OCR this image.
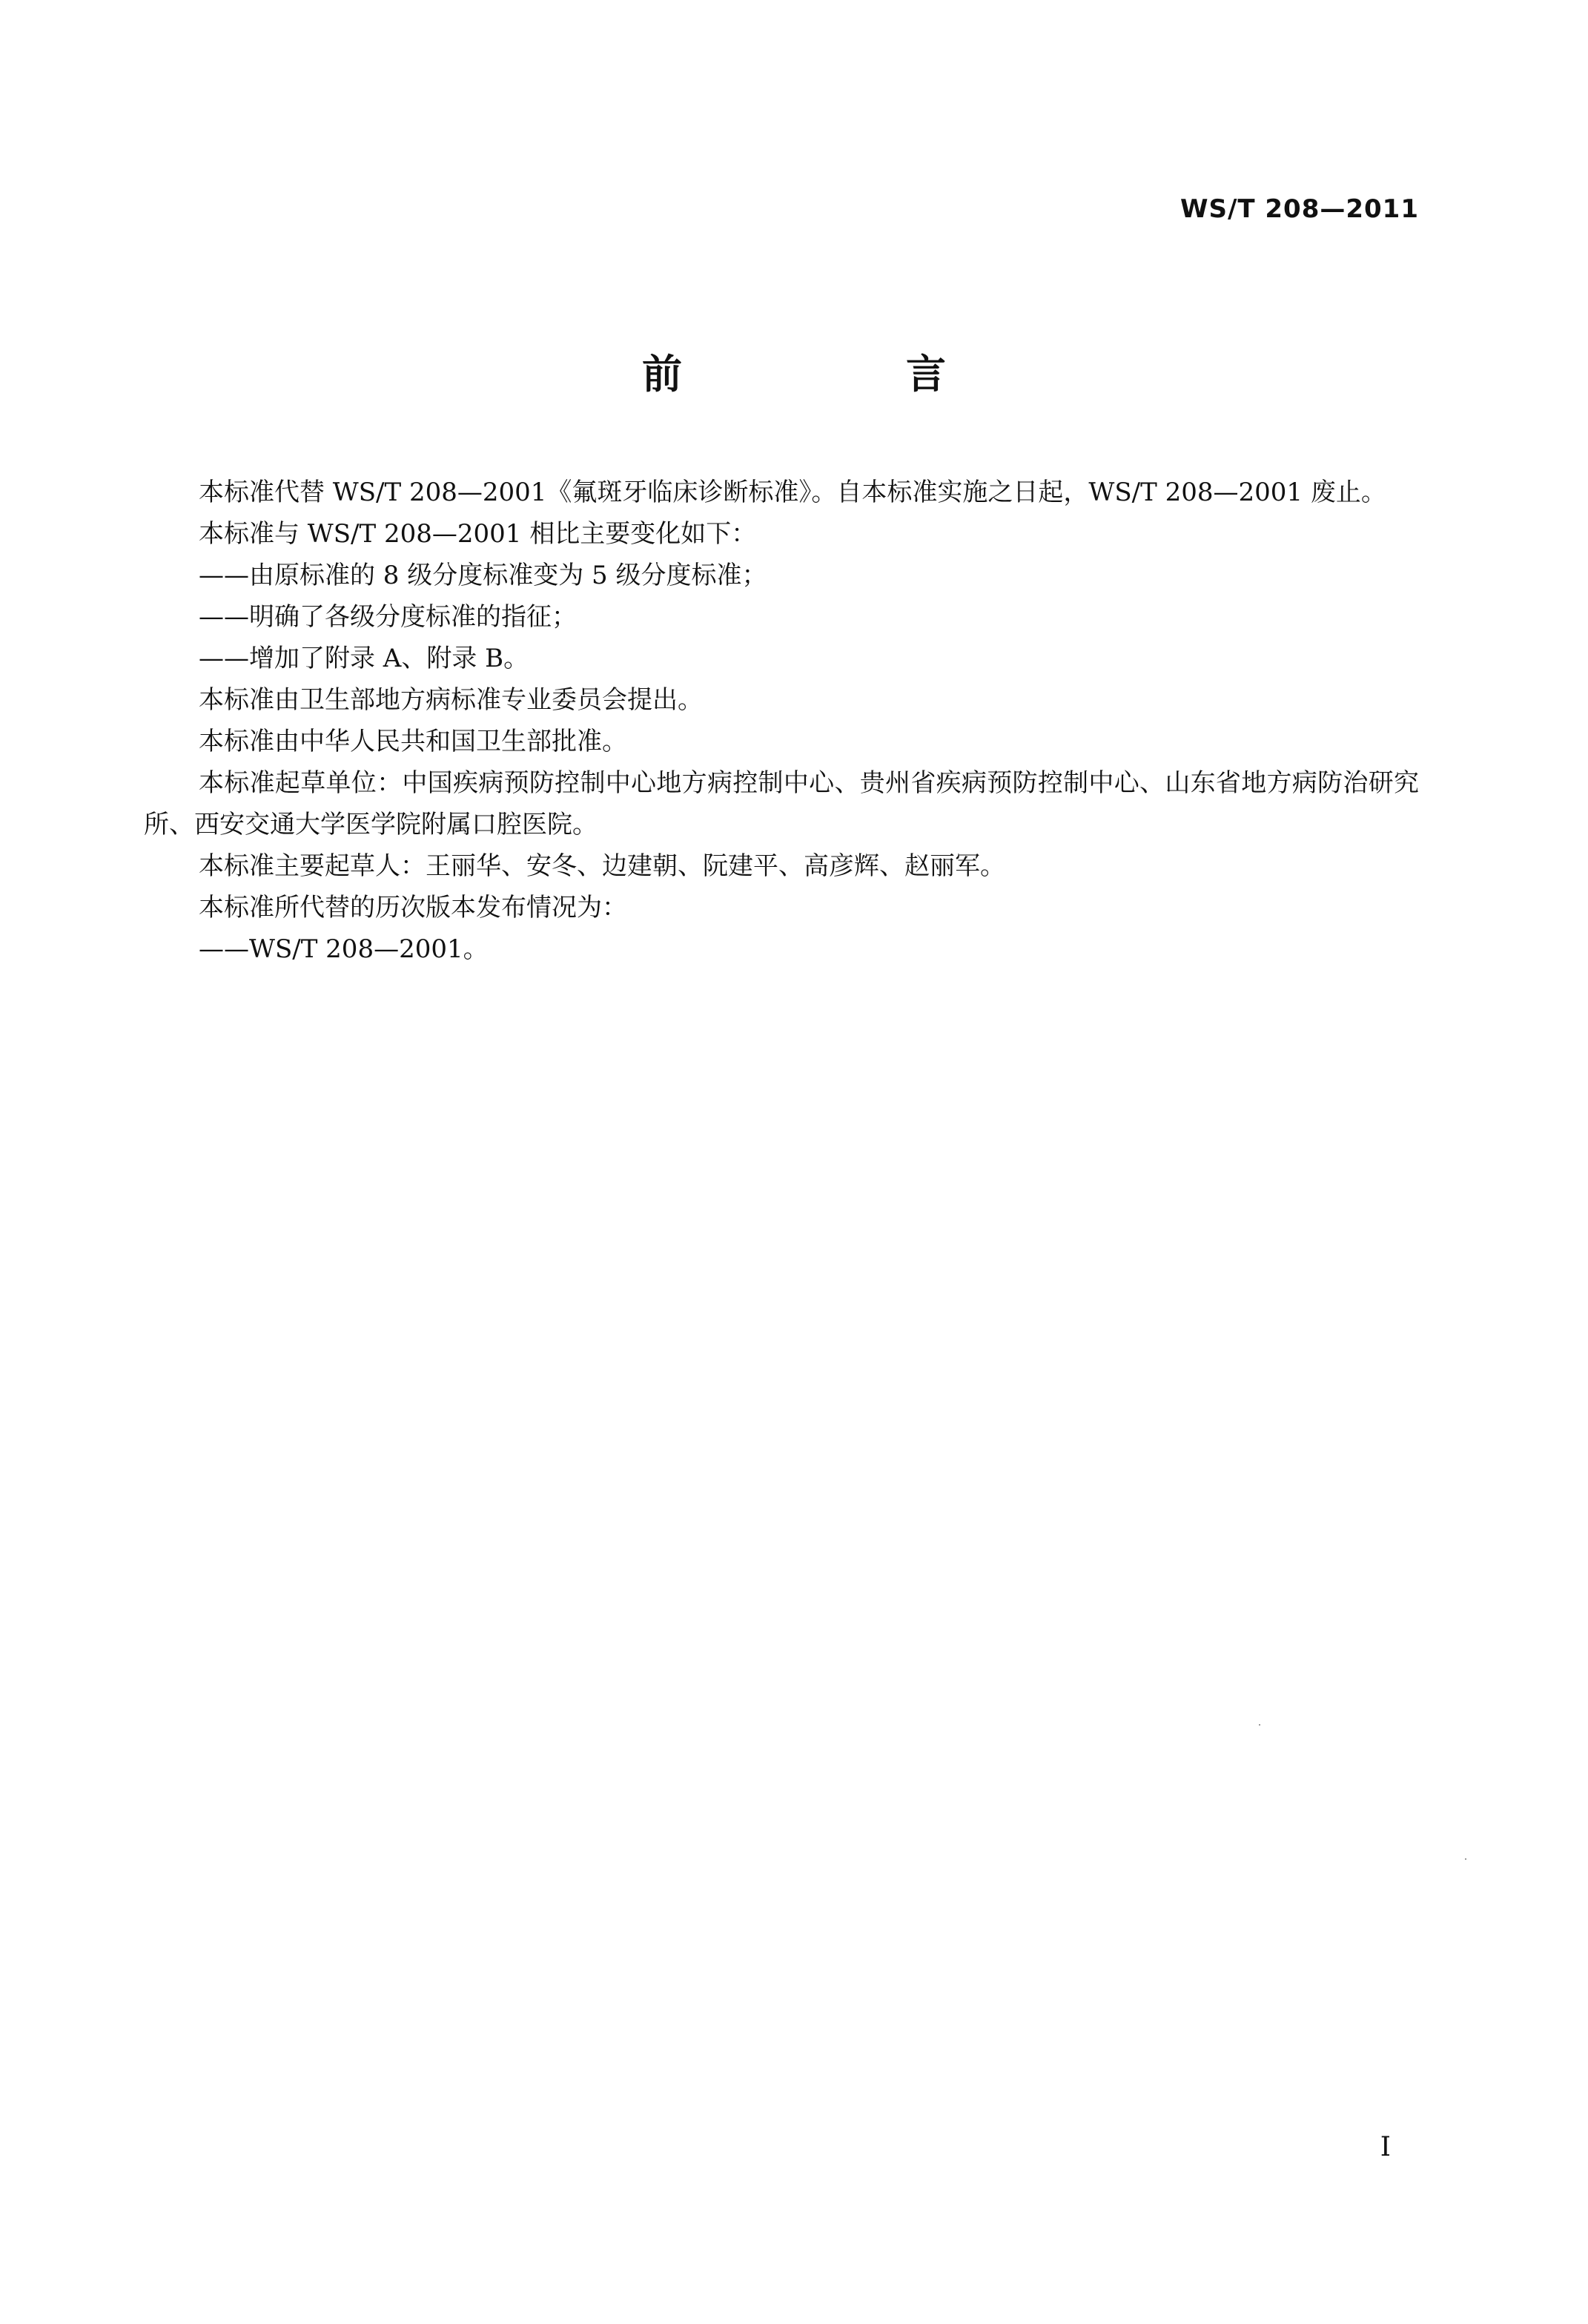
WS/T 208—2011
前　言

本标准代替 WS/T 208—2001《氟斑牙临床诊断标准》。自本标准实施之日起，WS/T 208—2001 废止。

本标准与 WS/T 208—2001 相比主要变化如下：

——由原标准的 8 级分度标准变为 5 级分度标准；

——明确了各级分度标准的指征；

——增加了附录 A、附录 B。

本标准由卫生部地方病标准专业委员会提出。

本标准由中华人民共和国卫生部批准。

本标准起草单位：中国疾病预防控制中心地方病控制中心、贵州省疾病预防控制中心、山东省地方病防治研究所、西安交通大学医学院附属口腔医院。

本标准主要起草人：王丽华、安冬、边建朝、阮建平、高彦辉、赵丽军。

本标准所代替的历次版本发布情况为：

——WS/T 208—2001。

I
